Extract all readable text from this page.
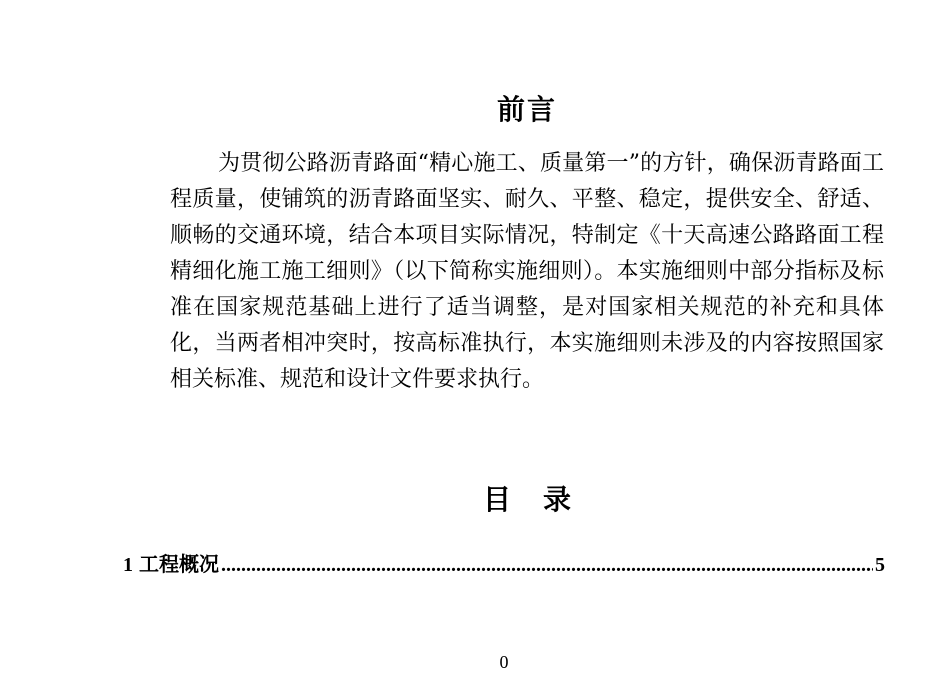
前言
为贯彻公路沥青路面“精心施工、质量第一”的方针，确保沥青路面工程质量，使铺筑的沥青路面坚实、耐久、平整、稳定，提供安全、舒适、顺畅的交通环境，结合本项目实际情况，特制定《十天高速公路路面工程精细化施工施工细则》（以下简称实施细则）。本实施细则中部分指标及标准在国家规范基础上进行了适当调整，是对国家相关规范的补充和具体化，当两者相冲突时，按高标准执行，本实施细则未涉及的内容按照国家相关标准、规范和设计文件要求执行。
目 录
1 工程概况
.....	5
0
